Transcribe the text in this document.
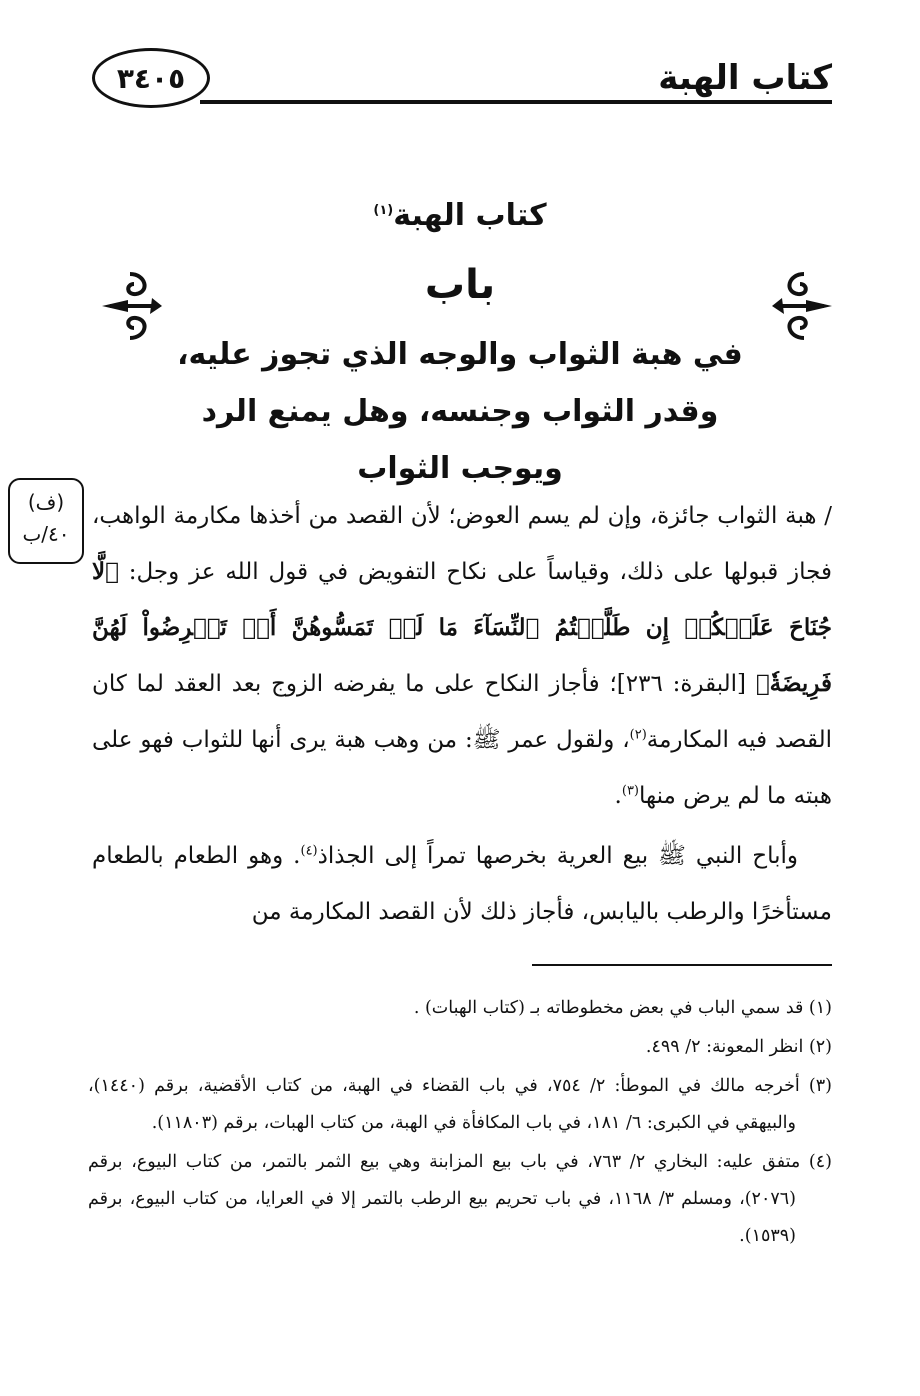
كتاب الهبة
٣٤٠٥
كتاب الهبة$^{(١)}$
باب
في هبة الثواب والوجه الذي تجوز عليه،
وقدر الثواب وجنسه، وهل يمنع الرد
ويوجب الثواب
(ف)
٤٠/ب

/ هبة الثواب جائزة، وإن لم يسم العوض؛ لأن القصد من أخذها مكارمة الواهب، فجاز قبولها على ذلك، وقياساً على نكاح التفويض في قول الله عز وجل: ﴿لَّا جُنَاحَ عَلَيۡكُمۡ إِن طَلَّقۡتُمُ ٱلنِّسَآءَ مَا لَمۡ تَمَسُّوهُنَّ أَوۡ تَفۡرِضُواْ لَهُنَّ فَرِيضَةٗ﴾ [البقرة: ٢٣٦]؛ فأجاز النكاح على ما يفرضه الزوج بعد العقد لما كان القصد فيه المكارمة$^{(٢)}$، ولقول عمر ﷺ: من وهب هبة يرى أنها للثواب فهو على هبته ما لم يرض منها$^{(٣)}$.

وأباح النبي ﷺ بيع العرية بخرصها تمراً إلى الجذاذ$^{(٤)}$. وهو الطعام بالطعام مستأخرًا والرطب باليابس، فأجاز ذلك لأن القصد المكارمة من

(١) قد سمي الباب في بعض مخطوطاته بـ (كتاب الهبات) .

(٢) انظر المعونة: ٢/ ٤٩٩.

(٣) أخرجه مالك في الموطأ: ٢/ ٧٥٤، في باب القضاء في الهبة، من كتاب الأقضية، برقم (١٤٤٠)، والبيهقي في الكبرى: ٦/ ١٨١، في باب المكافأة في الهبة، من كتاب الهبات، برقم (١١٨٠٣).

(٤) متفق عليه: البخاري ٢/ ٧٦٣، في باب بيع المزابنة وهي بيع الثمر بالتمر، من كتاب البيوع، برقم (٢٠٧٦)، ومسلم ٣/ ١١٦٨، في باب تحريم بيع الرطب بالتمر إلا في العرايا، من كتاب البيوع، برقم (١٥٣٩).
